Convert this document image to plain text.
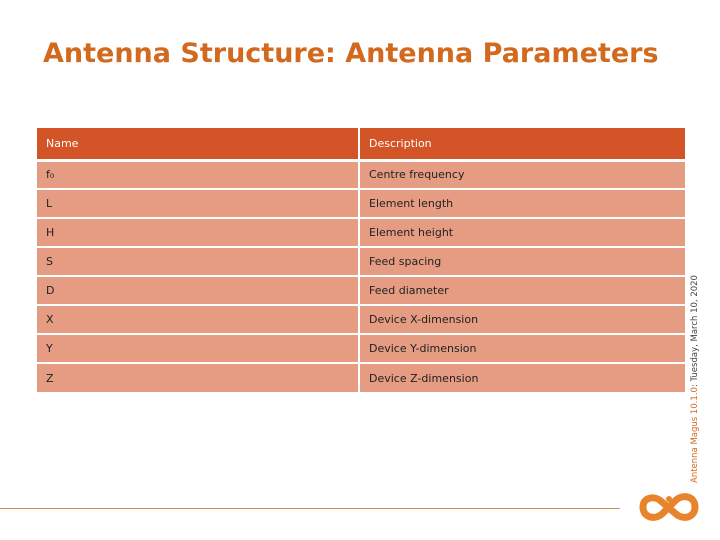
Antenna Structure: Antenna Parameters
Name	Description
f₀	Centre frequency
L	Element length
H	Element height
S	Feed spacing
D	Feed diameter
X	Device X-dimension
Y	Device Y-dimension
Z	Device Z-dimension
Antenna Magus 10.1.0: Tuesday, March 10, 2020
